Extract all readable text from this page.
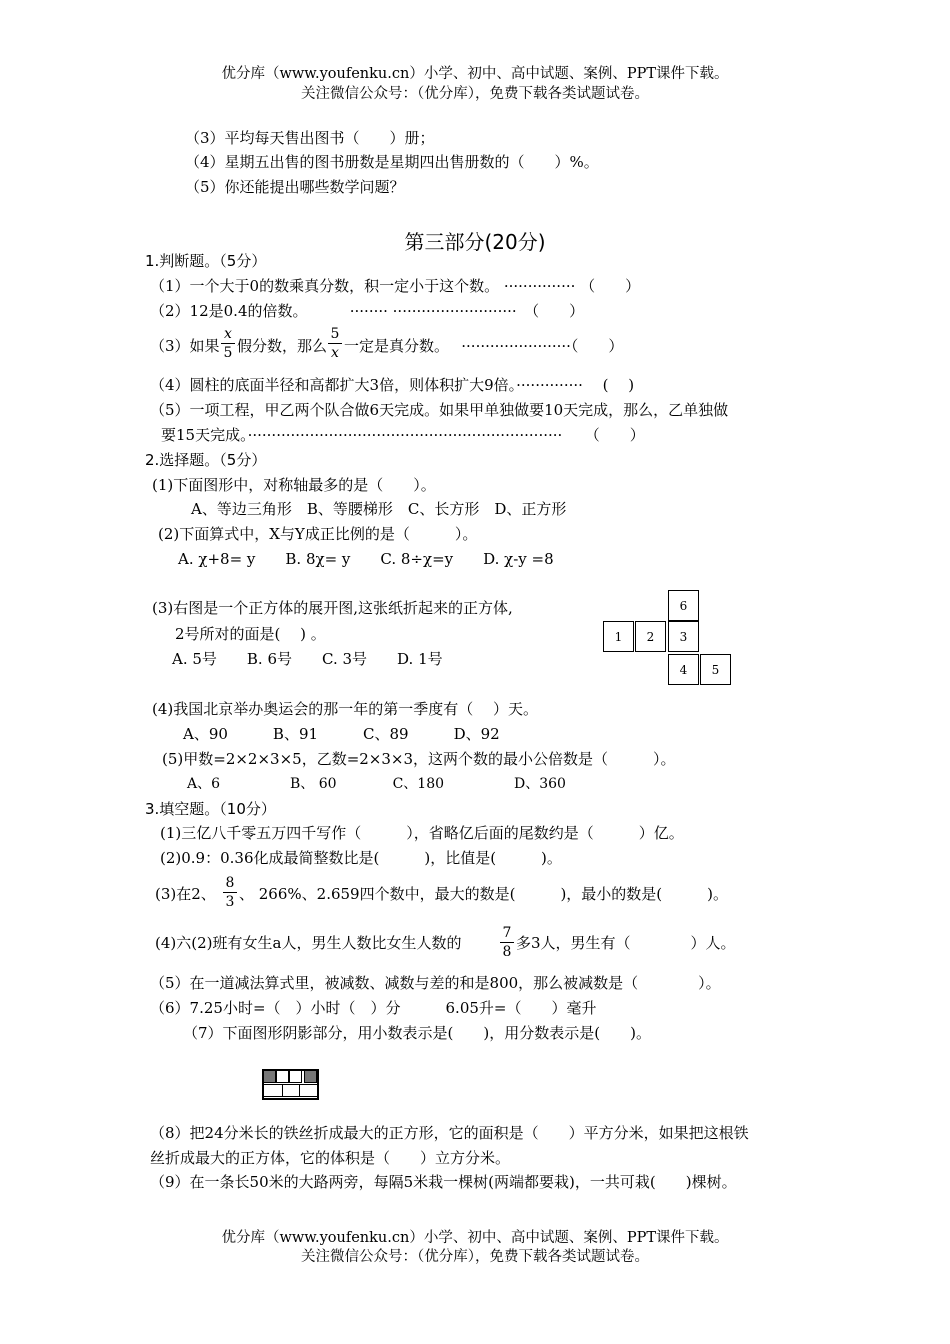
优分库（www.youfenku.cn）小学、初中、高中试题、案例、PPT课件下载。
关注微信公众号：（优分库），免费下载各类试题试卷。
（3）平均每天售出图书（　　）册；
（4）星期五出售的图书册数是星期四出售册数的（　　）%。
（5）你还能提出哪些数学问题？
第三部分(20分)
1.判断题。（5分）
（1）一个大于0的数乘真分数，积一定小于这个数。 ··············· （　　）
（2）12是0.4的倍数。　　　 ········ ··························　（　　）
（3）如果
x
5 假分数，那么
5
x 一定是真分数。　 ·······················（　　）
（4）圆柱的底面半径和高都扩大3倍，则体积扩大9倍。··············　 (　 )
（5）一项工程，甲乙两个队合做6天完成。如果甲单独做要10天完成，那么，乙单独做
要15天完成。··································································　　（　　）
2.选择题。（5分）
(1)下面图形中，对称轴最多的是（　　）。
A、等边三角形　B、等腰梯形　C、长方形　D、正方形
(2)下面算式中，X与Y成正比例的是（　　　）。
A. χ+8= y　　B. 8χ= y　　C. 8÷χ=y　　D. χ-y =8
(3)右图是一个正方体的展开图,这张纸折起来的正方体,
2号所对的面是(　 ) 。
A. 5号　　B. 6号　　C. 3号　　D. 1号
6
1	2	3
4	5
(4)我国北京举办奥运会的那一年的第一季度有（　 ）天。
A、90　　　B、91　　　C、89　　　D、92
(5)甲数=2×2×3×5，乙数=2×3×3，这两个数的最小公倍数是（　　　）。
A、6　　　　　B、 60　　　　C、180　　　　　D、360
3.填空题。（10分）
(1)三亿八千零五万四千写作（　　　），省略亿后面的尾数约是（　　　）亿。
(2)0.9：0.36化成最简整数比是(　　　)，比值是(　　　)。
(3)在2、
8
3 、 266%、2.659四个数中，最大的数是(　　　)，最小的数是(　　　)。
(4)六(2)班有女生a人，男生人数比女生人数的
7
8 多3人，男生有（　　　　）人。
（5）在一道减法算式里，被减数、减数与差的和是800，那么被减数是（　　　　）。
（6）7.25小时=（　）小时（　）分　　　6.05升=（　　）毫升
（7）下面图形阴影部分，用小数表示是(　　)，用分数表示是(　　)。
（8）把24分米长的铁丝折成最大的正方形，它的面积是（　　）平方分米，如果把这根铁
丝折成最大的正方体，它的体积是（　　）立方分米。
（9）在一条长50米的大路两旁，每隔5米栽一棵树(两端都要栽)，一共可栽(　　)棵树。
优分库（www.youfenku.cn）小学、初中、高中试题、案例、PPT课件下载。
关注微信公众号：（优分库），免费下载各类试题试卷。
